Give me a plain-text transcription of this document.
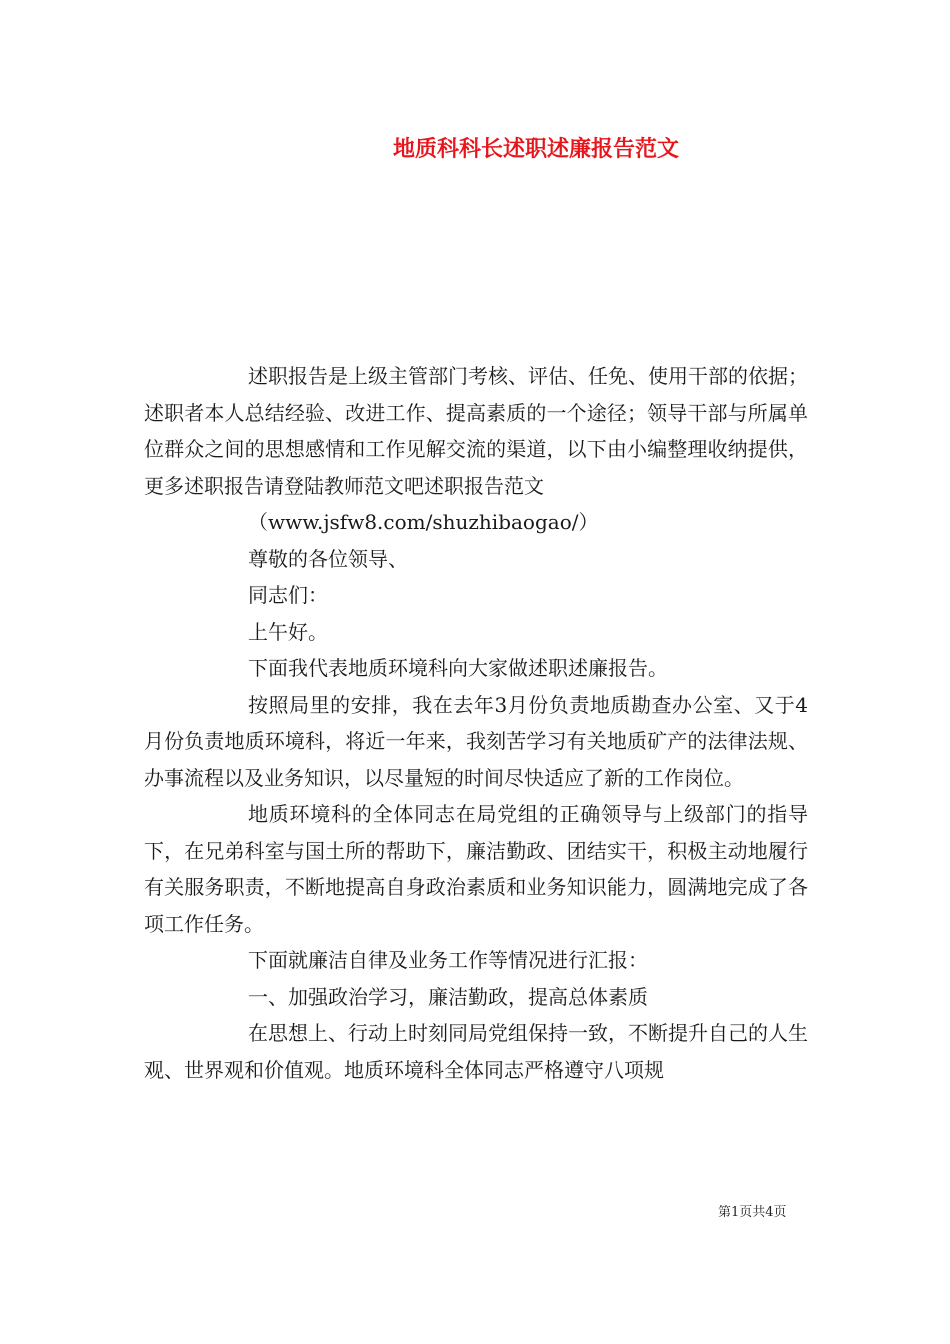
地质科科长述职述廉报告范文

述职报告是上级主管部门考核、评估、任免、使用干部的依据；述职者本人总结经验、改进工作、提高素质的一个途径；领导干部与所属单位群众之间的思想感情和工作见解交流的渠道，以下由小编整理收纳提供，更多述职报告请登陆教师范文吧述职报告范文

（www.jsfw8.com/shuzhibaogao/）

尊敬的各位领导、

同志们：

上午好。

下面我代表地质环境科向大家做述职述廉报告。

按照局里的安排，我在去年3月份负责地质勘查办公室、又于4月份负责地质环境科，将近一年来，我刻苦学习有关地质矿产的法律法规、办事流程以及业务知识，以尽量短的时间尽快适应了新的工作岗位。

地质环境科的全体同志在局党组的正确领导与上级部门的指导下，在兄弟科室与国土所的帮助下，廉洁勤政、团结实干，积极主动地履行有关服务职责，不断地提高自身政治素质和业务知识能力，圆满地完成了各项工作任务。

下面就廉洁自律及业务工作等情况进行汇报：

一、加强政治学习，廉洁勤政，提高总体素质

在思想上、行动上时刻同局党组保持一致，不断提升自己的人生观、世界观和价值观。地质环境科全体同志严格遵守八项规

第1页共4页
